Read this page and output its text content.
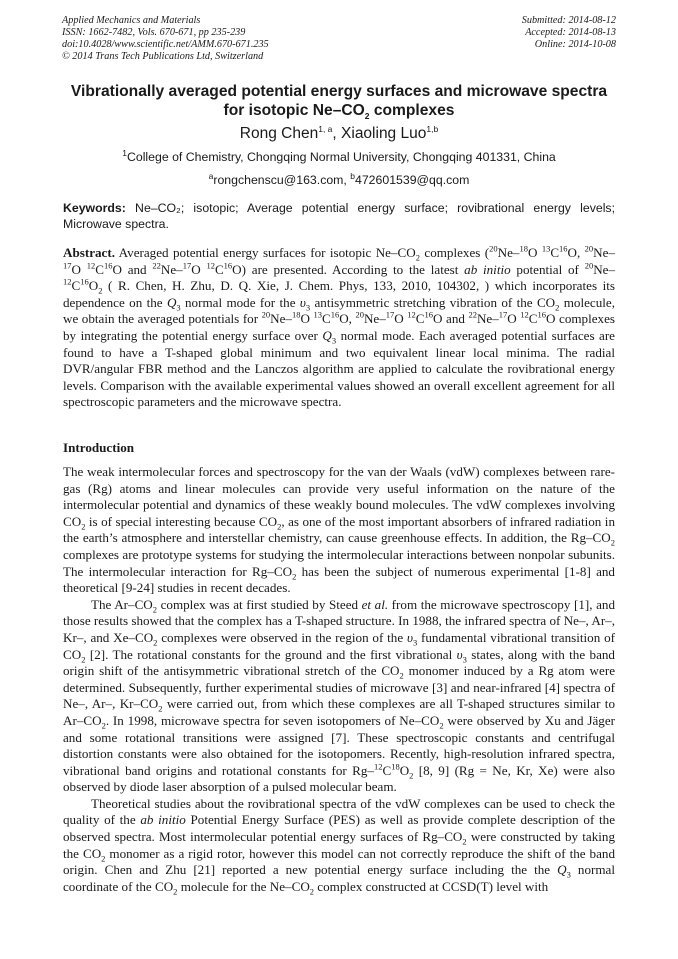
Applied Mechanics and Materials
ISSN: 1662-7482, Vols. 670-671, pp 235-239
doi:10.4028/www.scientific.net/AMM.670-671.235
© 2014 Trans Tech Publications Ltd, Switzerland
Submitted: 2014-08-12
Accepted: 2014-08-13
Online: 2014-10-08
Vibrationally averaged potential energy surfaces and microwave spectra
for isotopic $Ne-CO_2$ complexes
Rong Chen$^{1, a}$, Xiaoling Luo$^{1,b}$
$^1$College of Chemistry, Chongqing Normal University, Chongqing 401331, China
$^a$rongchenscu@163.com, $^b$472601539@qq.com
Keywords: Ne–CO₂; isotopic; Average potential energy surface; rovibrational energy levels; Microwave spectra.
Abstract. Averaged potential energy surfaces for isotopic $Ne-CO_2$ complexes ($^{20}$Ne–$^{18}$O $^{13}C^{16}O$, $^{20}$Ne–$^{17}$O $^{12}C^{16}O$ and $^{22}$Ne–$^{17}$O $^{12}C^{16}O$) are presented. According to the latest ab initio potential of $^{20}Ne-^{12}C^{16}O_2$ ( R. Chen, H. Zhu, D. Q. Xie, J. Chem. Phys, 133, 2010, 104302, ) which incorporates its dependence on the $Q_3$ normal mode for the $\upsilon_3$ antisymmetric stretching vibration of the $CO_2$ molecule, we obtain the averaged potentials for $^{20}$Ne–$^{18}$O $^{13}C^{16}O$, $^{20}$Ne–$^{17}$O $^{12}C^{16}O$ and $^{22}$Ne–$^{17}$O $^{12}C^{16}O$ complexes by integrating the potential energy surface over $Q_3$ normal mode. Each averaged potential surfaces are found to have a T-shaped global minimum and two equivalent linear local minima. The radial DVR/angular FBR method and the Lanczos algorithm are applied to calculate the rovibrational energy levels. Comparison with the available experimental values showed an overall excellent agreement for all spectroscopic parameters and the microwave spectra.
Introduction

The weak intermolecular forces and spectroscopy for the van der Waals (vdW) complexes between rare-gas (Rg) atoms and linear molecules can provide very useful information on the nature of the intermolecular potential and dynamics of these weakly bound molecules. The vdW complexes involving $CO_2$ is of special interesting because $CO_2$, as one of the most important absorbers of infrared radiation in the earth’s atmosphere and interstellar chemistry, can cause greenhouse effects. In addition, the $Rg-CO_2$ complexes are prototype systems for studying the intermolecular interactions between nonpolar subunits. The intermolecular interaction for $Rg-CO_2$ has been the subject of numerous experimental [1-8] and theoretical [9-24] studies in recent decades.

The $Ar-CO_2$ complex was at first studied by Steed et al. from the microwave spectroscopy [1], and those results showed that the complex has a T-shaped structure. In 1988, the infrared spectra of Ne–, Ar–, Kr–, and $Xe-CO_2$ complexes were observed in the region of the $\upsilon_3$ fundamental vibrational transition of $CO_2$ [2]. The rotational constants for the ground and the first vibrational $\upsilon_3$ states, along with the band origin shift of the antisymmetric vibrational stretch of the $CO_2$ monomer induced by a Rg atom were determined. Subsequently, further experimental studies of microwave [3] and near-infrared [4] spectra of Ne–, Ar–, $Kr-CO_2$ were carried out, from which these complexes are all T-shaped structures similar to $Ar-CO_2$. In 1998, microwave spectra for seven isotopomers of $Ne-CO_2$ were observed by Xu and Jäger and some rotational transitions were assigned [7]. These spectroscopic constants and centrifugal distortion constants were also obtained for the isotopomers. Recently, high-resolution infrared spectra, vibrational band origins and rotational constants for $Rg-^{12}C^{18}O_2$ [8, 9] (Rg = Ne, Kr, Xe) were also observed by diode laser absorption of a pulsed molecular beam.

Theoretical studies about the rovibrational spectra of the vdW complexes can be used to check the quality of the ab initio Potential Energy Surface (PES) as well as provide complete description of the observed spectra. Most intermolecular potential energy surfaces of $Rg-CO_2$ were constructed by taking the $CO_2$ monomer as a rigid rotor, however this model can not correctly reproduce the shift of the band origin. Chen and Zhu [21] reported a new potential energy surface including the the $Q_3$ normal coordinate of the $CO_2$ molecule for the $Ne-CO_2$ complex constructed at CCSD(T) level with
